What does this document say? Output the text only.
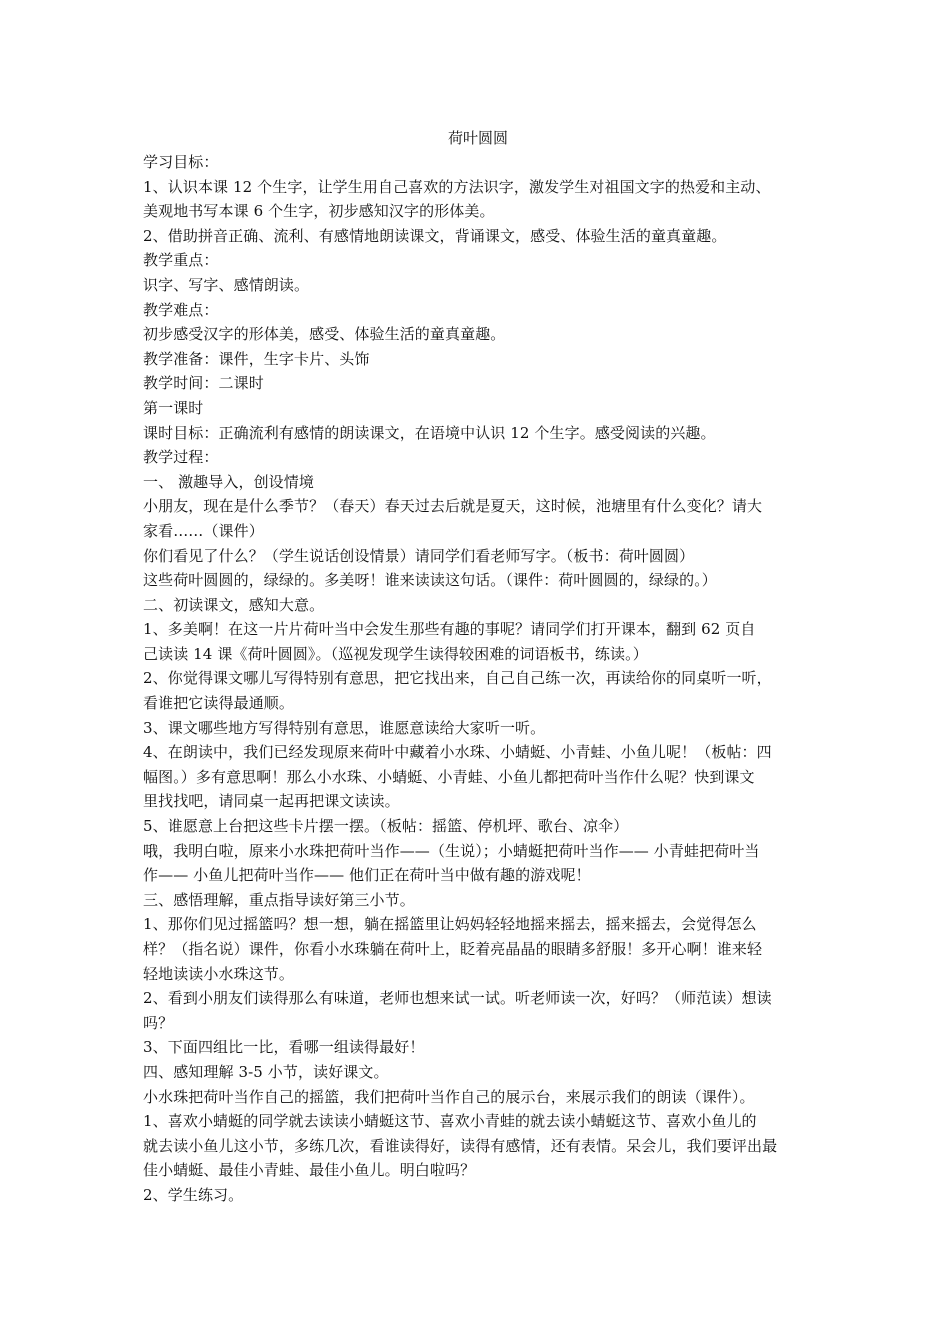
荷叶圆圆

学习目标：

1、认识本课 12 个生字，让学生用自己喜欢的方法识字，激发学生对祖国文字的热爱和主动、

美观地书写本课 6 个生字，初步感知汉字的形体美。

2、借助拼音正确、流利、有感情地朗读课文，背诵课文，感受、体验生活的童真童趣。

教学重点：

识字、写字、感情朗读。

教学难点：

初步感受汉字的形体美，感受、体验生活的童真童趣。

教学准备：课件，生字卡片、头饰

教学时间：二课时

第一课时

课时目标：正确流利有感情的朗读课文，在语境中认识 12 个生字。感受阅读的兴趣。

教学过程：

一、 激趣导入，创设情境

小朋友，现在是什么季节？（春天）春天过去后就是夏天，这时候，池塘里有什么变化？请大

家看……（课件）

你们看见了什么？（学生说话创设情景）请同学们看老师写字。（板书：荷叶圆圆）

这些荷叶圆圆的，绿绿的。多美呀！谁来读读这句话。（课件：荷叶圆圆的，绿绿的。）

二、初读课文，感知大意。

1、多美啊！在这一片片荷叶当中会发生那些有趣的事呢？请同学们打开课本，翻到 62 页自

己读读 14 课《荷叶圆圆》。（巡视发现学生读得较困难的词语板书，练读。）

2、你觉得课文哪儿写得特别有意思，把它找出来，自己自己练一次，再读给你的同桌听一听，

看谁把它读得最通顺。

3、课文哪些地方写得特别有意思，谁愿意读给大家听一听。

4、在朗读中，我们已经发现原来荷叶中藏着小水珠、小蜻蜓、小青蛙、小鱼儿呢！（板帖：四

幅图。）多有意思啊！那么小水珠、小蜻蜓、小青蛙、小鱼儿都把荷叶当作什么呢？快到课文

里找找吧，请同桌一起再把课文读读。

5、谁愿意上台把这些卡片摆一摆。（板帖：摇篮、停机坪、歌台、凉伞）

哦，我明白啦，原来小水珠把荷叶当作——（生说）；小蜻蜓把荷叶当作—— 小青蛙把荷叶当

作—— 小鱼儿把荷叶当作—— 他们正在荷叶当中做有趣的游戏呢！

三、感悟理解，重点指导读好第三小节。

1、那你们见过摇篮吗？想一想，躺在摇篮里让妈妈轻轻地摇来摇去，摇来摇去，会觉得怎么

样？（指名说）课件，你看小水珠躺在荷叶上，眨着亮晶晶的眼睛多舒服！多开心啊！谁来轻

轻地读读小水珠这节。

2、看到小朋友们读得那么有味道，老师也想来试一试。听老师读一次，好吗？（师范读）想读

吗？

3、下面四组比一比，看哪一组读得最好！

四、感知理解 3-5 小节，读好课文。

小水珠把荷叶当作自己的摇篮，我们把荷叶当作自己的展示台，来展示我们的朗读（课件）。

1、喜欢小蜻蜓的同学就去读读小蜻蜓这节、喜欢小青蛙的就去读小蜻蜓这节、喜欢小鱼儿的

就去读小鱼儿这小节，多练几次，看谁读得好，读得有感情，还有表情。呆会儿，我们要评出最

佳小蜻蜓、最佳小青蛙、最佳小鱼儿。明白啦吗？

2、学生练习。
